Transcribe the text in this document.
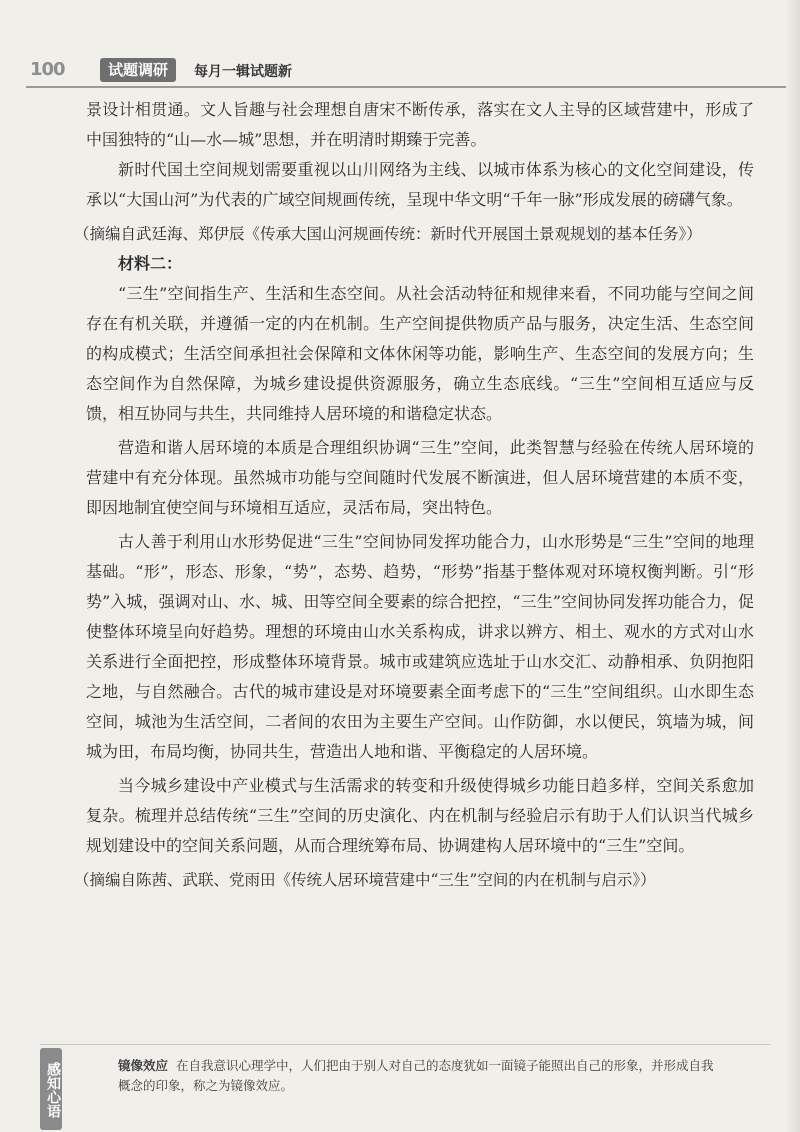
100	试题调研	每月一辑试题新

景设计相贯通。文人旨趣与社会理想自唐宋不断传承，落实在文人主导的区域营建中，形成了中国独特的“山—水—城”思想，并在明清时期臻于完善。

新时代国土空间规划需要重视以山川网络为主线、以城市体系为核心的文化空间建设，传承以“大国山河”为代表的广域空间规画传统，呈现中华文明“千年一脉”形成发展的磅礴气象。

（摘编自武廷海、郑伊辰《传承大国山河规画传统：新时代开展国土景观规划的基本任务》）

材料二：

“三生”空间指生产、生活和生态空间。从社会活动特征和规律来看，不同功能与空间之间存在有机关联，并遵循一定的内在机制。生产空间提供物质产品与服务，决定生活、生态空间的构成模式；生活空间承担社会保障和文体休闲等功能，影响生产、生态空间的发展方向；生态空间作为自然保障，为城乡建设提供资源服务，确立生态底线。“三生”空间相互适应与反馈，相互协同与共生，共同维持人居环境的和谐稳定状态。

营造和谐人居环境的本质是合理组织协调“三生”空间，此类智慧与经验在传统人居环境的营建中有充分体现。虽然城市功能与空间随时代发展不断演进，但人居环境营建的本质不变，即因地制宜使空间与环境相互适应，灵活布局，突出特色。

古人善于利用山水形势促进“三生”空间协同发挥功能合力，山水形势是“三生”空间的地理基础。“形”，形态、形象，“势”，态势、趋势，“形势”指基于整体观对环境权衡判断。引“形势”入城，强调对山、水、城、田等空间全要素的综合把控，“三生”空间协同发挥功能合力，促使整体环境呈向好趋势。理想的环境由山水关系构成，讲求以辨方、相土、观水的方式对山水关系进行全面把控，形成整体环境背景。城市或建筑应选址于山水交汇、动静相承、负阴抱阳之地，与自然融合。古代的城市建设是对环境要素全面考虑下的“三生”空间组织。山水即生态空间，城池为生活空间，二者间的农田为主要生产空间。山作防御，水以便民，筑墙为城，间城为田，布局均衡，协同共生，营造出人地和谐、平衡稳定的人居环境。

当今城乡建设中产业模式与生活需求的转变和升级使得城乡功能日趋多样，空间关系愈加复杂。梳理并总结传统“三生”空间的历史演化、内在机制与经验启示有助于人们认识当代城乡规划建设中的空间关系问题，从而合理统筹布局、协调建构人居环境中的“三生”空间。

（摘编自陈茜、武联、党雨田《传统人居环境营建中“三生”空间的内在机制与启示》）

感知心语	镜像效应 在自我意识心理学中，人们把由于别人对自己的态度犹如一面镜子能照出自己的形象，并形成自我概念的印象，称之为镜像效应。
